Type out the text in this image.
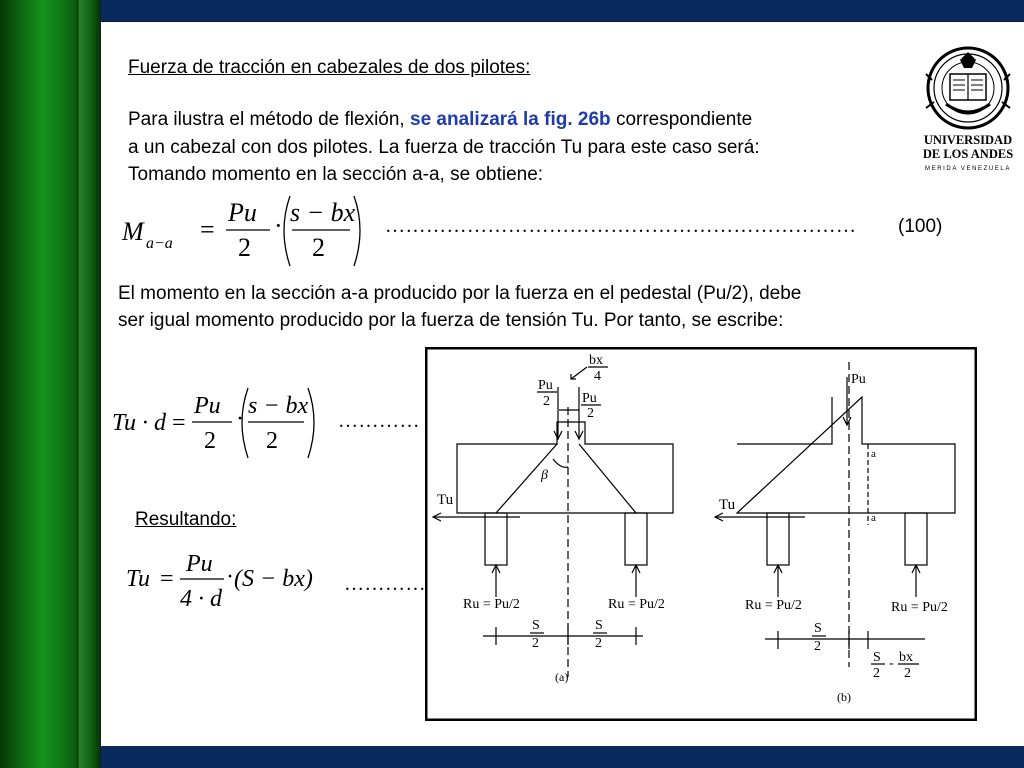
Fuerza de tracción en cabezales de dos pilotes:
Para ilustra el método de flexión, se analizará la fig. 26b correspondiente
a un cabezal con dos pilotes. La fuerza de tracción Tu para este caso será:
Tomando momento en la sección a-a, se obtiene:
M a−a =
Pu
2
· s − bx
2
…………………………………………………………… (100)
El momento en la sección a-a producido por la fuerza en el pedestal (Pu/2), debe
ser igual momento producido por la fuerza de tensión Tu. Por tanto, se escribe:
Tu · d =
Pu
2
· s − bx
2
…………
Resultando:
Tu =
Pu
4 · d
· (S − bx) …………
UNIVERSIDAD
DE LOS ANDES
MERIDA VENEZUELA
Pu
2 Pu
2
bx
4
β
Tu
Ru = Pu/2	Ru = Pu/2
S
2
S
2
(a)
Pu
a
a
Tu
Ru = Pu/2	Ru = Pu/2
S
2
S
2
- bx
2
(b)
